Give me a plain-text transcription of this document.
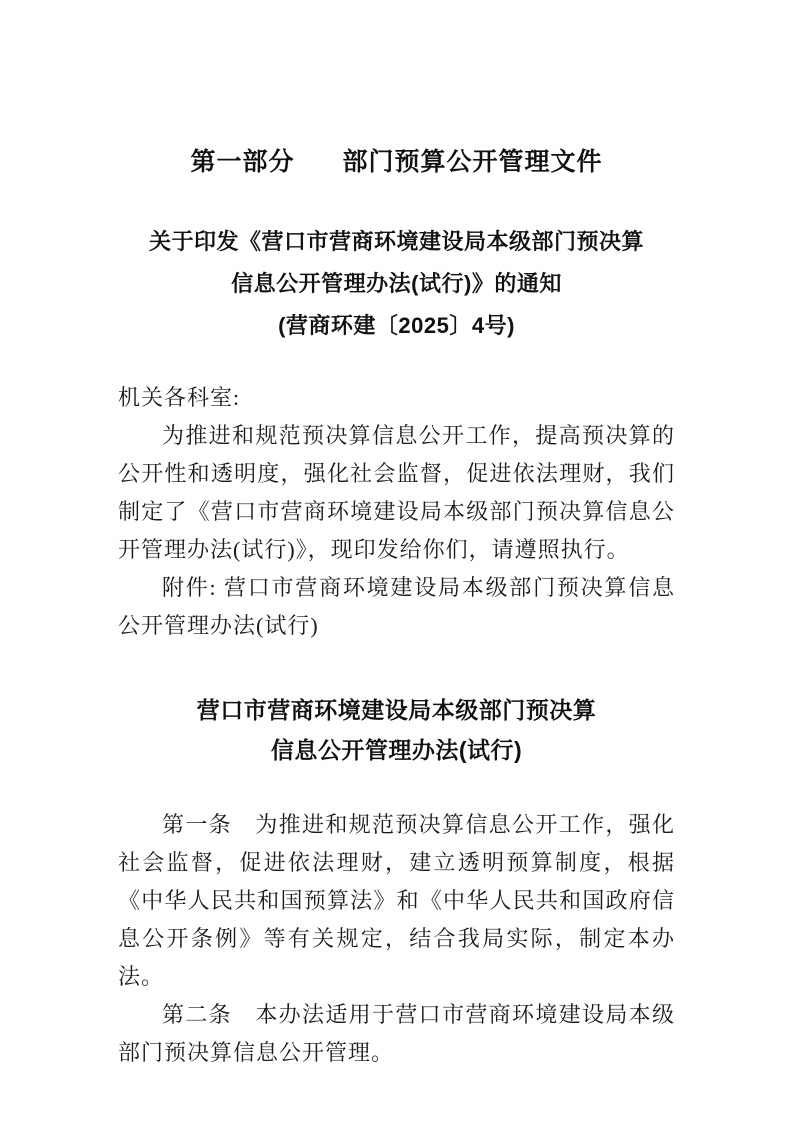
第一部分 部门预算公开管理文件
关于印发《营口市营商环境建设局本级部门预决算
信息公开管理办法(试行)》的通知
(营商环建〔2025〕4号)

机关各科室:

为推进和规范预决算信息公开工作，提高预决算的公开性和透明度，强化社会监督，促进依法理财，我们制定了《营口市营商环境建设局本级部门预决算信息公开管理办法(试行)》，现印发给你们，请遵照执行。

附件: 营口市营商环境建设局本级部门预决算信息公开管理办法(试行)

营口市营商环境建设局本级部门预决算
信息公开管理办法(试行)

第一条　为推进和规范预决算信息公开工作，强化社会监督，促进依法理财，建立透明预算制度，根据《中华人民共和国预算法》和《中华人民共和国政府信息公开条例》等有关规定，结合我局实际，制定本办法。

第二条　本办法适用于营口市营商环境建设局本级部门预决算信息公开管理。
